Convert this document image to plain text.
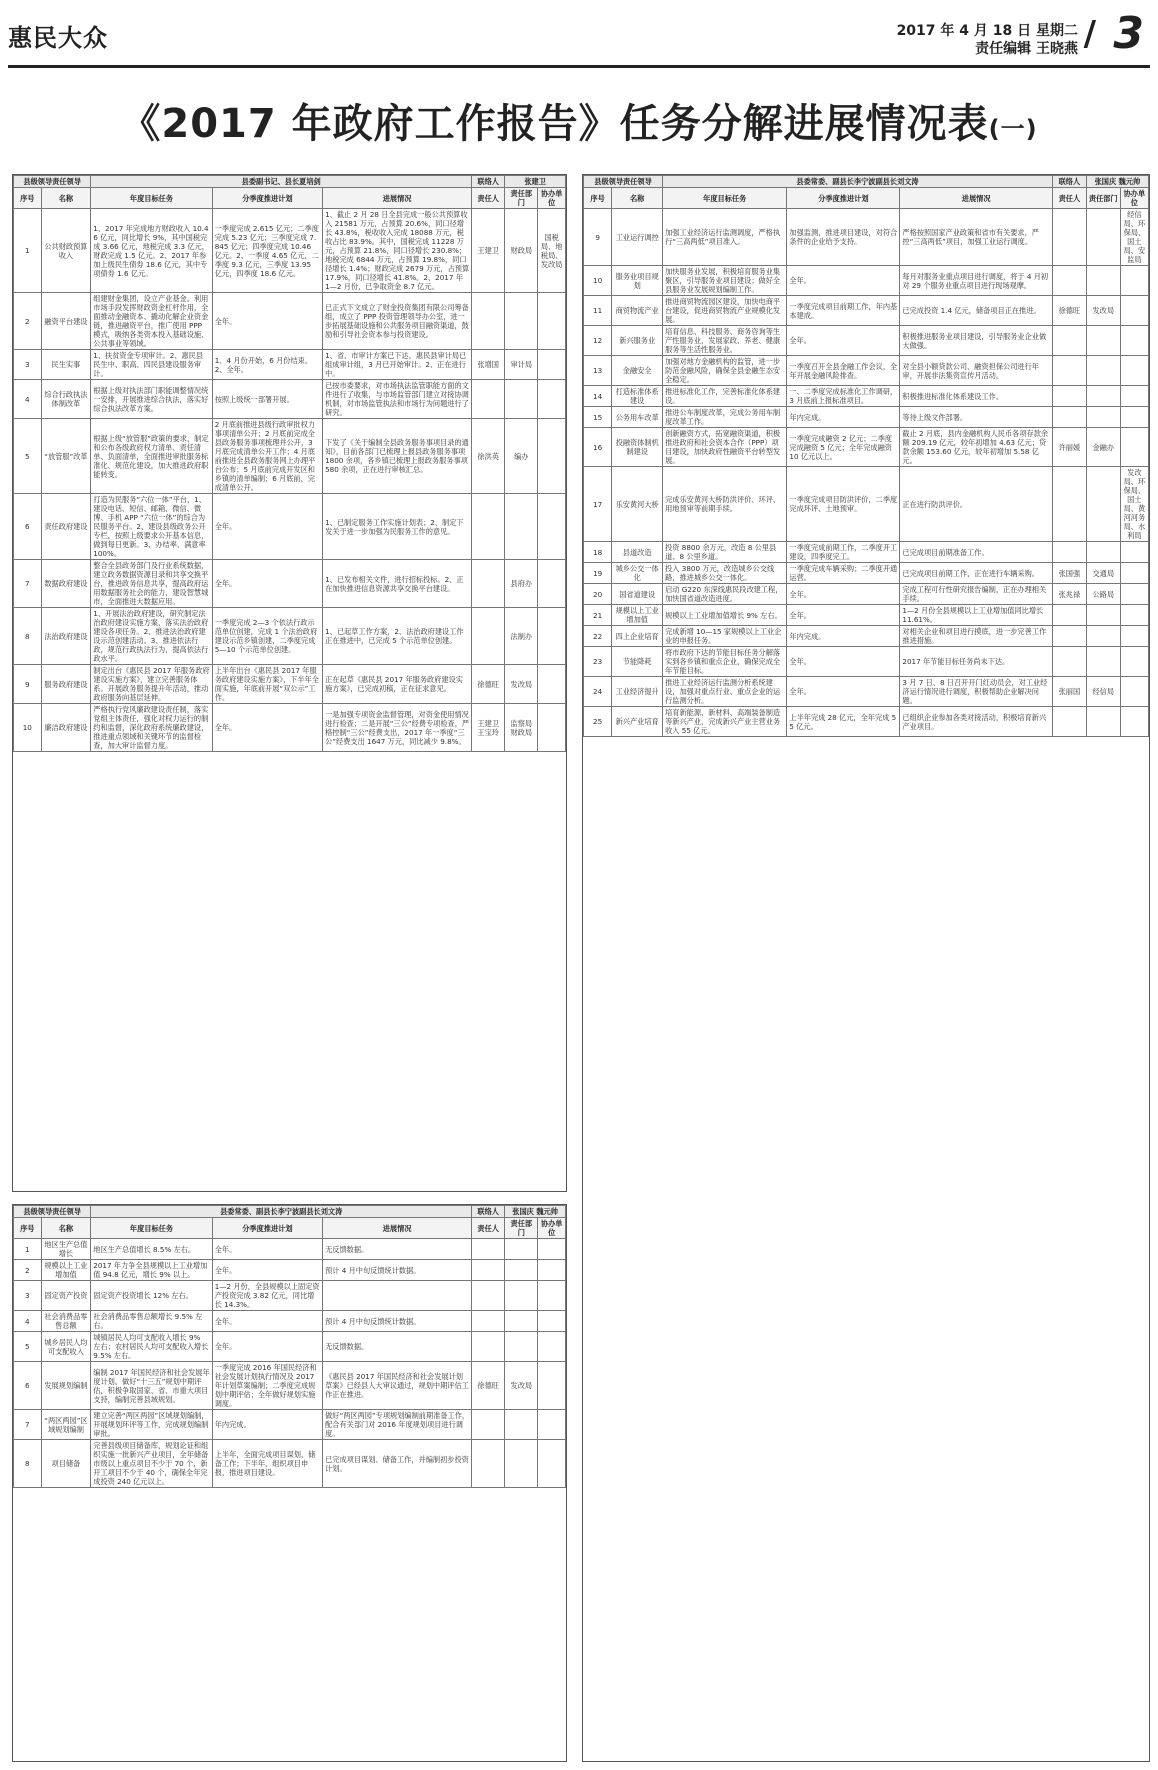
惠民大众	2017 年 4 月 18 日 星期二
责任编辑 王晓燕 / 3
《2017 年政府工作报告》任务分解进展情况表(一)
县级领导责任领导		县委副书记、县长夏培剑			联络人	张建卫	
序号	名称	年度目标任务	分季度推进计划	进展情况	责任人	责任部门	协办单位
1	公共财政预算收入	1、2017 年完成地方财政收入 10.46 亿元，同比增长 9%，其中国税完成 3.66 亿元，地税完成 3.3 亿元，财政完成 1.5 亿元。2、2017 年参加上级民生债券 18.6 亿元，其中专项债券 1.6 亿元。	一季度完成 2.615 亿元；二季度完成 5.23 亿元；三季度完成 7.845 亿元；四季度完成 10.46 亿元。2、一季度 4.65 亿元，二季度 9.3 亿元，三季度 13.95 亿元，四季度 18.6 亿元。	1、截止 2 月 28 日全县完成一般公共预算收入 21581 万元，占预算 20.6%，同口径增长 43.8%，税收收入完成 18088 万元，税收占比 83.9%。其中，国税完成 11228 万元，占预算 21.8%，同口径增长 230.8%；地税完成 6844 万元，占预算 19.8%，同口径增长 1.4%；财政完成 2679 万元，占预算 17.9%，同口径增长 41.8%。2、2017 年 1—2 月份，已争取资金 8.7 亿元。	王建卫	财政局	国税局、地税局、发改局
2	融资平台建设	组建财金集团，设立产业基金。利用市场手段发挥财政资金杠杆作用，全面推动金融资本、撬动化解企业资金链，推进融资平台，推广使用 PPP 模式，吸纳各类资本投入基础设施、公共事业等领域。	全年。	已正式下文成立了财金投资集团有限公司筹备组，成立了 PPP 投资管理领导办公室，进一步拓展基础设施和公共服务项目融资渠道，鼓励和引导社会资本参与投资建设。			
3	民生实事	1、扶贫资金专项审计。2、惠民县民生中、职高、四民县建设服务审计。	1、4 月份开始，6 月份结束。2、全年。	1、省、市审计方案已下达，惠民县审计局已组成审计组，3 月已开始审计。2、正在进行中。	张增国	审计局	
4	综合行政执法体制改革	根据上级对执法部门职能调整情况统一安排，开展推进综合执法，落实好综合执法改革方案。	按照上级统一部署开展。	已按市委要求，对市场执法监管职能方面的文件进行了收集，与市场监管部门建立对接协调机制，对市场监管执法和市场行为问题进行了研究。			
5	“放管服”改革	根据上级“放管服”政策的要求，制定和公布各级政府权力清单、责任清单、负面清单，全面推进审批服务标准化、规范化建设，加大推进政府职能转变。	2 月底前推进县级行政审批权力事项清单公开；2 月底前完成全县政务服务事项梳理并公开，3 月底完成清单公开工作；4 月底前推进全县政务服务网上办理平台公布；5 月底前完成开发区和乡镇的清单编制；6 月底前，完成清单公开。	下发了《关于编制全县政务服务事项目录的通知》，目前各部门已梳理上报县政务服务事项 1800 余项，各乡镇已梳理上报政务服务事项 580 余项，正在进行审核汇总。	徐洪英	编办	
6	责任政府建设	打造为民服务“六位一体”平台，1、建设电话、短信、邮箱、微信、微博、手机 APP “六位一体”的综合为民服务平台。2、建设县级政务公开专栏，按照上级要求公开基本信息，做到每日更新。3、办结率、满意率 100%。	全年。	1、已制定服务工作实施计划表；2、制定下发关于进一步加强为民服务工作的意见。			
7	数据政府建设	整合全县政务部门及行业系统数据，建立政务数据资源目录和共享交换平台，推进政务信息共享，提高政府运用数据服务社会的能力，建设智慧城市，全面推进大数据应用。	全年。	1、已发布相关文件，进行招标投标。2、正在加快推进信息资源共享交换平台建设。		县府办	
8	法治政府建设	1、开展法治政府建设，研究制定法治政府建设实施方案，落实法治政府建设各项任务。2、推进法治政府建设示范创建活动。3、推进依法行政，规范行政执法行为，提高依法行政水平。	一季度完成 2—3 个依法行政示范单位创建，完成 1 个法治政府建设示范乡镇创建，二季度完成 5—10 个示范单位创建。	1、已起草工作方案，2、法治政府建设工作正在推进中，已完成 5 个示范单位创建。		法制办	
9	服务政府建设	制定出台《惠民县 2017 年服务政府建设实施方案》，建立完善服务体系。开展政务服务提升年活动，推动政府服务向基层延伸。	上半年出台《惠民县 2017 年服务政府建设实施方案》，下半年全面实施，年底前开展“双公示”工作。	正在起草《惠民县 2017 年服务政府建设实施方案》，已完成初稿，正在征求意见。	徐德旺	发改局	
10	廉洁政府建设	严格执行党风廉政建设责任制，落实党组主体责任，强化对权力运行的制约和监督，深化政府系统廉政建设，推进重点领域和关键环节的监督检查，加大审计监督力度。	全年。	一是加强专项资金监督管理，对资金使用情况进行检查；二是开展“三公”经费专项检查，严格控制“三公”经费支出，2017 年一季度“三公”经费支出 1647 万元，同比减少 9.8%。	王建卫 王宝玲	监察局 财政局	
县级领导责任领导		县委常委、副县长李宁波副县长刘文涛			联络人	张国庆 魏元帅	
序号	名称	年度目标任务	分季度推进计划	进展情况	责任人	责任部门	协办单位
1	地区生产总值增长	地区生产总值增长 8.5% 左右。	全年。	无反馈数据。			
2	规模以上工业增加值	2017 年力争全县规模以上工业增加值 94.8 亿元，增长 9% 以上。	全年。	预计 4 月中旬反馈统计数据。			
3	固定资产投资	固定资产投资增长 12% 左右。	1—2 月份，全县规模以上固定资产投资完成 3.82 亿元，同比增长 14.3%。				
4	社会消费品零售总额	社会消费品零售总额增长 9.5% 左右。	全年。	预计 4 月中旬反馈统计数据。			
5	城乡居民人均可支配收入	城镇居民人均可支配收入增长 9% 左右；农村居民人均可支配收入增长 9.5% 左右。	全年。	无反馈数据。			
6	发展规划编制	编制 2017 年国民经济和社会发展年度计划。做好“十三五”规划中期评估，积极争取国家、省、市重大项目支持，编制完善县域规划。	一季度完成 2016 年国民经济和社会发展计划执行情况及 2017 年计划草案编制；二季度完成规划中期评估；全年做好规划实施调度。	《惠民县 2017 年国民经济和社会发展计划草案》已经县人大审议通过，规划中期评估工作正在推进。	徐德旺	发改局	
7	“两区两园”区域规划编制	建立完善“两区两园”区域规划编制，开展规划环评等工作，完成规划编制审批。	年内完成。	做好“两区两园”专项规划编制前期准备工作，配合有关部门对 2016 年度规划项目进行调度。			
8	项目储备	完善县级项目储备库，规划论证和组织实施一批新兴产业项目，全年储备市级以上重点项目不少于 70 个，新开工项目不少于 40 个，确保全年完成投资 240 亿元以上。	上半年，全面完成项目谋划、储备工作；下半年，组织项目申报，推进项目建设。	已完成项目谋划、储备工作，并编制初步投资计划。			
县级领导责任领导		县委常委、副县长李宁波副县长刘文涛			联络人	张国庆 魏元帅	
序号	名称	年度目标任务	分季度推进计划	进展情况	责任人	责任部门	协办单位
9	工业运行调控	加强工业经济运行监测调度，严格执行“三高两低”项目准入。	加强监测，推进项目建设，对符合条件的企业给予支持。	严格按照国家产业政策和省市有关要求，严控“三高两低”项目，加强工业运行调度。			经信局、环保局、国土局、安监局
10	服务业项目规划	加快服务业发展，积极培育服务业集聚区，引导服务业项目建设；做好全县服务业发展规划编制工作。	全年。	每月对服务业重点项目进行调度，将于 4 月初对 29 个服务业重点项目进行现场观摩。			
11	商贸物流产业	推进商贸物流园区建设，加快电商平台建设，促进商贸物流产业规模化发展。	一季度完成项目前期工作，年内基本建成。	已完成投资 1.4 亿元，储备项目正在推进。	徐德旺	发改局	
12	新兴服务业	培育信息、科技服务、商务咨询等生产性服务业，发展家政、养老、健康服务等生活性服务业。	全年。	积极推进服务业项目建设，引导服务业企业做大做强。			
13	金融安全	加强对地方金融机构的监管，进一步防范金融风险，确保全县金融生态安全稳定。	一季度召开全县金融工作会议，全年开展金融风险排查。	对全县小额贷款公司、融资担保公司进行年审，开展非法集资宣传月活动。			
14	打造标准体系建设	推进标准化工作，完善标准化体系建设。	一、二季度完成标准化工作调研，3 月底前上报标准项目。	积极推进标准化体系建设工作。			
15	公务用车改革	推进公车制度改革，完成公务用车制度改革工作。	年内完成。	等待上级文件部署。			
16	投融资体制机制建设	创新融资方式，拓宽融资渠道，积极推进政府和社会资本合作（PPP）项目建设，加快政府性融资平台转型发展。	一季度完成融资 2 亿元；二季度完成融资 5 亿元；全年完成融资 10 亿元以上。	截止 2 月底，县内金融机构人民币各项存款余额 209.19 亿元，较年初增加 4.63 亿元；贷款余额 153.60 亿元，较年初增加 5.58 亿元。	许丽媛	金融办	
17	乐安黄河大桥	完成乐安黄河大桥防洪评价、环评、用地预审等前期手续。	一季度完成项目防洪评价，二季度完成环评、土地预审。	正在进行防洪评价。			发改局、环保局、国土局、黄河河务局、水利局
18	县道改造	投资 8800 余万元，改造 8 公里县道、8 公里乡道。	一季度完成前期工作，二季度开工建设，四季度完工。	已完成项目前期准备工作。			
19	城乡公交一体化	投入 3800 万元，改造城乡公交线路，推进城乡公交一体化。	一季度完成车辆采购；二季度开通运营。	已完成项目前期工作，正在进行车辆采购。	张国强	交通局	
20	国省道建设	启动 G220 东深线惠民段改建工程，加快国省道改造进度。	全年。	完成工程可行性研究报告编制，正在办理相关手续。	张兆禄	公路局	
21	规模以上工业增加值	规模以上工业增加值增长 9% 左右。	全年。	1—2 月份全县规模以上工业增加值同比增长 11.61%。			
22	四上企业培育	完成新增 10—15 家规模以上工业企业的申报任务。	年内完成。	对相关企业和项目进行摸底，进一步完善工作推进措施。			
23	节能降耗	将市政府下达的节能目标任务分解落实到各乡镇和重点企业，确保完成全年节能目标。	全年。	2017 年节能目标任务尚未下达。			
24	工业经济提升	推进工业经济运行监测分析系统建设，加强对重点行业、重点企业的运行监测分析。	全年。	3 月 7 日、8 日召开开门红动员会，对工业经济运行情况进行调度，积极帮助企业解决问题。	张丽国	经信局	
25	新兴产业培育	培育新能源、新材料、高端装备制造等新兴产业，完成新兴产业主营业务收入 55 亿元。	上半年完成 28 亿元，全年完成 55 亿元。	已组织企业参加各类对接活动，积极培育新兴产业项目。			
